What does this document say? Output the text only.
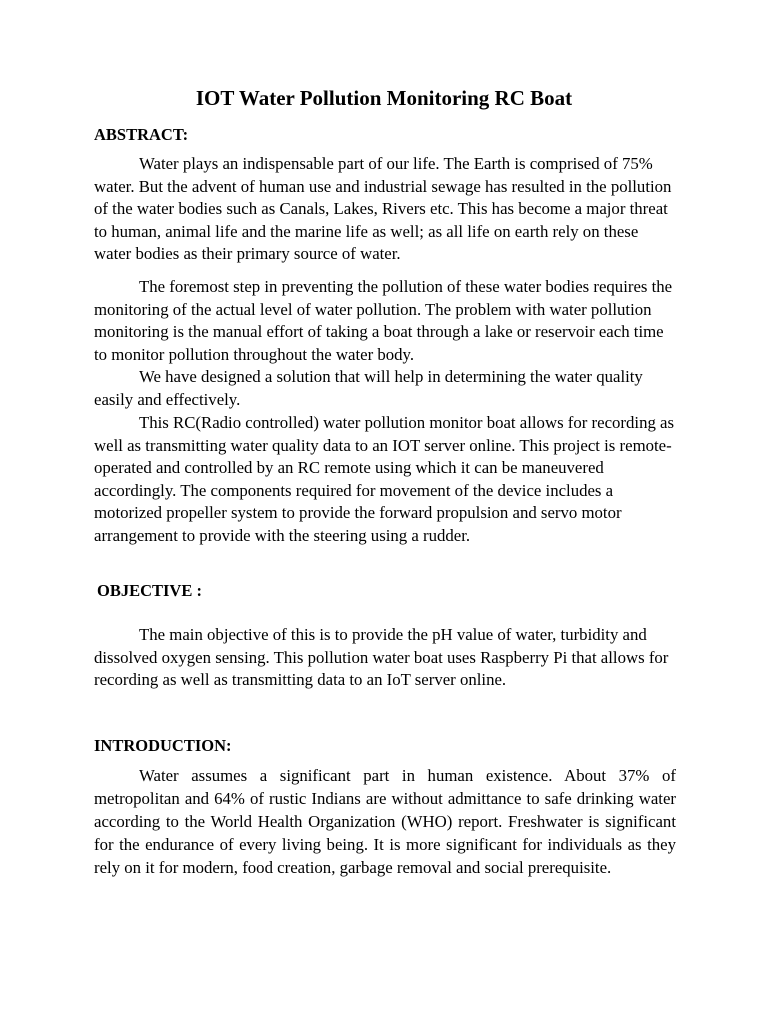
IOT Water Pollution Monitoring RC Boat
ABSTRACT:

Water plays an indispensable part of our life. The Earth is comprised of 75% water. But the advent of human use and industrial sewage has resulted in the pollution of the water bodies such as Canals, Lakes, Rivers etc. This has become a major threat to human, animal life and the marine life as well; as all life on earth rely on these water bodies as their primary source of water.

The foremost step in preventing the pollution of these water bodies requires the monitoring of the actual level of water pollution. The problem with water pollution monitoring is the manual effort of taking a boat through a lake or reservoir each time to monitor pollution throughout the water body.

We have designed a solution that will help in determining the water quality easily and effectively.

This RC(Radio controlled) water pollution monitor boat allows for recording as well as transmitting water quality data to an IOT server online. This project is remote-operated and controlled by an RC remote using which it can be maneuvered accordingly. The components required for movement of the device includes a motorized propeller system to provide the forward propulsion and servo motor arrangement to provide with the steering using a rudder.

OBJECTIVE :

The main objective of this is to provide the pH value of water, turbidity and dissolved oxygen sensing. This pollution water boat uses Raspberry Pi that allows for recording as well as transmitting data to an IoT server online.

INTRODUCTION:

Water assumes a significant part in human existence. About 37% of metropolitan and 64% of rustic Indians are without admittance to safe drinking water according to the World Health Organization (WHO) report. Freshwater is significant for the endurance of every living being. It is more significant for individuals as they rely on it for modern, food creation, garbage removal and social prerequisite.
